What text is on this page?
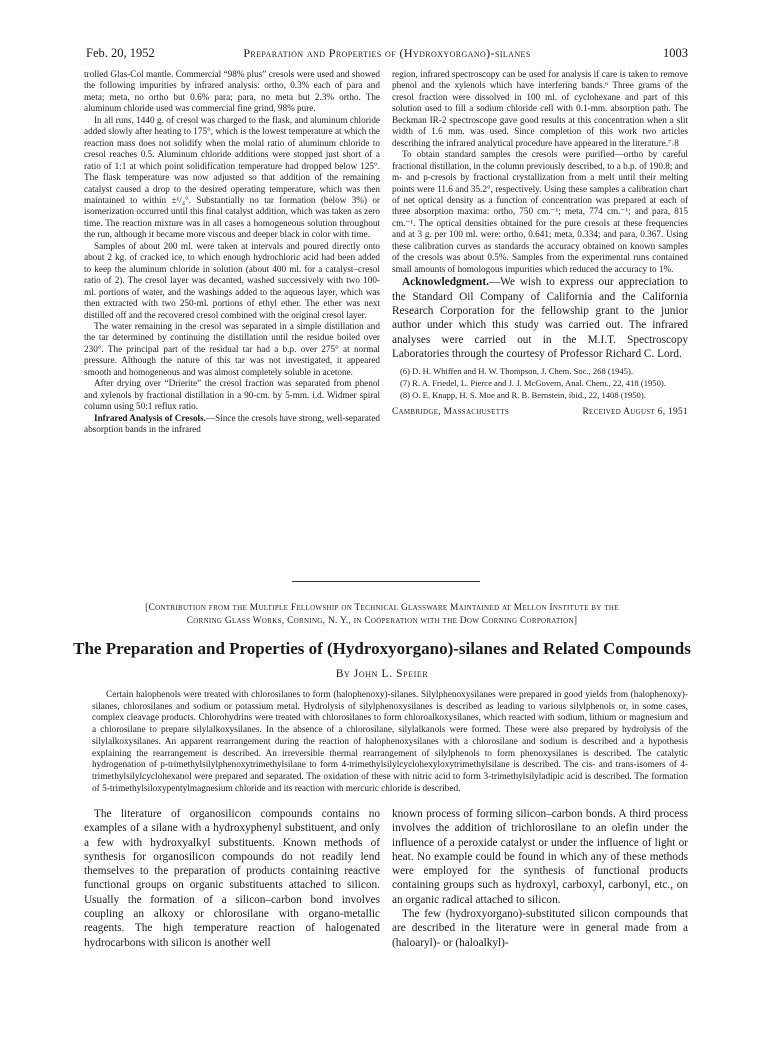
Feb. 20, 1952	Preparation and Properties of (Hydroxyorgano)-silanes	1003

trolled Glas-Col mantle. Commercial “98% plus” cresols were used and showed the following impurities by infrared analysis: ortho, 0.3% each of para and meta; meta, no ortho but 0.6% para; para, no meta but 2.3% ortho. The aluminum chloride used was commercial fine grind, 98% pure.

In all runs, 1440 g. of cresol was charged to the flask, and aluminum chloride added slowly after heating to 175°, which is the lowest temperature at which the reaction mass does not solidify when the molal ratio of aluminum chloride to cresol reaches 0.5. Aluminum chloride additions were stopped just short of a ratio of 1:1 at which point solidification temperature had dropped below 125°. The flask temperature was now adjusted so that addition of the remaining catalyst caused a drop to the desired operating temperature, which was then maintained to within ±¹/₄°. Substantially no tar formation (below 3%) or isomerization occurred until this final catalyst addition, which was taken as zero time. The reaction mixture was in all cases a homogeneous solution throughout the run, although it became more viscous and deeper black in color with time.

Samples of about 200 ml. were taken at intervals and poured directly onto about 2 kg. of cracked ice, to which enough hydrochloric acid had been added to keep the aluminum chloride in solution (about 400 ml. for a catalyst–cresol ratio of 2). The cresol layer was decanted, washed successively with two 100-ml. portions of water, and the washings added to the aqueous layer, which was then extracted with two 250-ml. portions of ethyl ether. The ether was next distilled off and the recovered cresol combined with the original cresol layer.

The water remaining in the cresol was separated in a simple distillation and the tar determined by continuing the distillation until the residue boiled over 230°. The principal part of the residual tar had a b.p. over 275° at normal pressure. Although the nature of this tar was not investigated, it appeared smooth and homogeneous and was almost completely soluble in acetone.

After drying over “Drierite” the cresol fraction was separated from phenol and xylenols by fractional distillation in a 90-cm. by 5-mm. i.d. Widmer spiral column using 50:1 reflux ratio.

Infrared Analysis of Cresols.—Since the cresols have strong, well-separated absorption bands in the infrared

region, infrared spectroscopy can be used for analysis if care is taken to remove phenol and the xylenols which have interfering bands.⁶ Three grams of the cresol fraction were dissolved in 100 ml. of cyclohexane and part of this solution used to fill a sodium chloride cell with 0.1-mm. absorption path. The Beckman IR-2 spectroscope gave good results at this concentration when a slit width of 1.6 mm. was used. Since completion of this work two articles describing the infrared analytical procedure have appeared in the literature.⁷˒8

To obtain standard samples the cresols were purified—ortho by careful fractional distillation, in the column previously described, to a b.p. of 190.8; and m- and p-cresols by fractional crystallization from a melt until their melting points were 11.6 and 35.2°, respectively. Using these samples a calibration chart of net optical density as a function of concentration was prepared at each of three absorption maxima: ortho, 750 cm.⁻¹; meta, 774 cm.⁻¹; and para, 815 cm.⁻¹. The optical densities obtained for the pure cresols at these frequencies and at 3 g. per 100 ml. were: ortho, 0.641; meta, 0.334; and para, 0.367. Using these calibration curves as standards the accuracy obtained on known samples of the cresols was about 0.5%. Samples from the experimental runs contained small amounts of homologous impurities which reduced the accuracy to 1%.

Acknowledgment.—We wish to express our appreciation to the Standard Oil Company of California and the California Research Corporation for the fellowship grant to the junior author under which this study was carried out. The infrared analyses were carried out in the M.I.T. Spectroscopy Laboratories through the courtesy of Professor Richard C. Lord.

(6) D. H. Whiffen and H. W. Thompson, J. Chem. Soc., 268 (1945).
(7) R. A. Friedel, L. Pierce and J. J. McGovern, Anal. Chem., 22, 418 (1950).
(8) O. E. Knapp, H. S. Moe and R. B. Bernstein, ibid., 22, 1408 (1950).
Cambridge, Massachusetts	Received August 6, 1951
[Contribution from the Multiple Fellowship on Technical Glassware Maintained at Mellon Institute by the
Corning Glass Works, Corning, N. Y., in Coöperation with the Dow Corning Corporation]
The Preparation and Properties of (Hydroxyorgano)-silanes and Related Compounds
By John L. Speier

Certain halophenols were treated with chlorosilanes to form (halophenoxy)-silanes. Silylphenoxysilanes were prepared in good yields from (halophenoxy)-silanes, chlorosilanes and sodium or potassium metal. Hydrolysis of silylphenoxysilanes is described as leading to various silylphenols or, in some cases, complex cleavage products. Chlorohydrins were treated with chlorosilanes to form chloroalkoxysilanes, which reacted with sodium, lithium or magnesium and a chlorosilane to prepare silylalkoxysilanes. In the absence of a chlorosilane, silylalkanols were formed. These were also prepared by hydrolysis of the silylalkoxysilanes. An apparent rearrangement during the reaction of halophenoxysilanes with a chlorosilane and sodium is described and a hypothesis explaining the rearrangement is described. An irreversible thermal rearrangement of silylphenols to form phenoxysilanes is described. The catalytic hydrogenation of p-trimethylsilylphenoxytrimethylsilane to form 4-trimethylsilylcyclohexyloxytrimethylsilane is described. The cis- and trans-isomers of 4-trimethylsilylcyclohexanol were prepared and separated. The oxidation of these with nitric acid to form 3-trimethylsilyladipic acid is described. The formation of 5-trimethylsiloxypentylmagnesium chloride and its reaction with mercuric chloride is described.

The literature of organosilicon compounds contains no examples of a silane with a hydroxyphenyl substituent, and only a few with hydroxyalkyl substituents. Known methods of synthesis for organosilicon compounds do not readily lend themselves to the preparation of products containing reactive functional groups on organic substituents attached to silicon. Usually the formation of a silicon–carbon bond involves coupling an alkoxy or chlorosilane with organo-metallic reagents. The high temperature reaction of halogenated hydrocarbons with silicon is another well

known process of forming silicon–carbon bonds. A third process involves the addition of trichlorosilane to an olefin under the influence of a peroxide catalyst or under the influence of light or heat. No example could be found in which any of these methods were employed for the synthesis of functional products containing groups such as hydroxyl, carboxyl, carbonyl, etc., on an organic radical attached to silicon.

The few (hydroxyorgano)-substituted silicon compounds that are described in the literature were in general made from a (haloaryl)- or (haloalkyl)-
